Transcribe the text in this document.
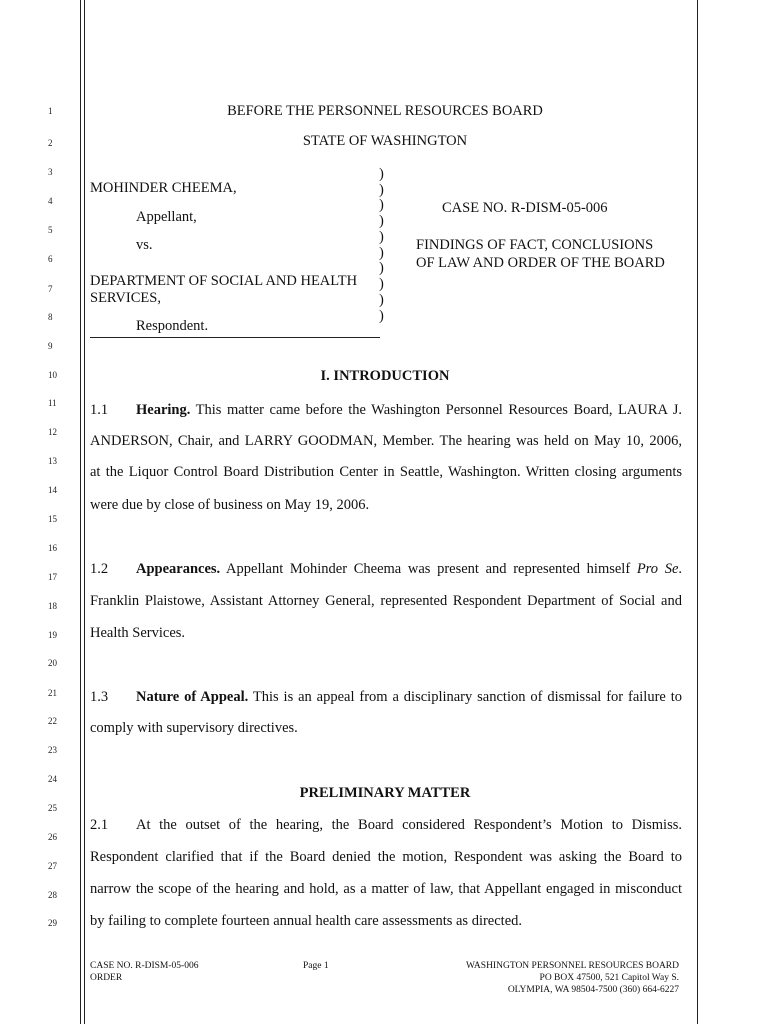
1
2
3
4
5
6
7
8
9
10
11
12
13
14
15
16
17
18
19
20
21
22
23
24
25
26
27
28
29
BEFORE THE PERSONNEL RESOURCES BOARD
STATE OF WASHINGTON
MOHINDER CHEEMA,
Appellant,
vs.
DEPARTMENT OF SOCIAL AND HEALTH
SERVICES,
Respondent.
)
)
)
)
)
)
)
)
)
)
CASE NO. R-DISM-05-006
FINDINGS OF FACT, CONCLUSIONS
OF LAW AND ORDER OF THE BOARD
I. INTRODUCTION
1.1 Hearing. This matter came before the Washington Personnel Resources Board, LAURA J.
ANDERSON, Chair, and LARRY GOODMAN, Member. The hearing was held on May 10, 2006,
at the Liquor Control Board Distribution Center in Seattle, Washington. Written closing arguments
were due by close of business on May 19, 2006.
1.2 Appearances. Appellant Mohinder Cheema was present and represented himself Pro Se.
Franklin Plaistowe, Assistant Attorney General, represented Respondent Department of Social and
Health Services.
1.3 Nature of Appeal. This is an appeal from a disciplinary sanction of dismissal for failure to
comply with supervisory directives.
PRELIMINARY MATTER
2.1 At the outset of the hearing, the Board considered Respondent’s Motion to Dismiss.
Respondent clarified that if the Board denied the motion, Respondent was asking the Board to
narrow the scope of the hearing and hold, as a matter of law, that Appellant engaged in misconduct
by failing to complete fourteen annual health care assessments as directed.
CASE NO. R-DISM-05-006
ORDER
Page 1	WASHINGTON PERSONNEL RESOURCES BOARD
PO BOX 47500, 521 Capitol Way S.
OLYMPIA, WA 98504-7500 (360) 664-6227
